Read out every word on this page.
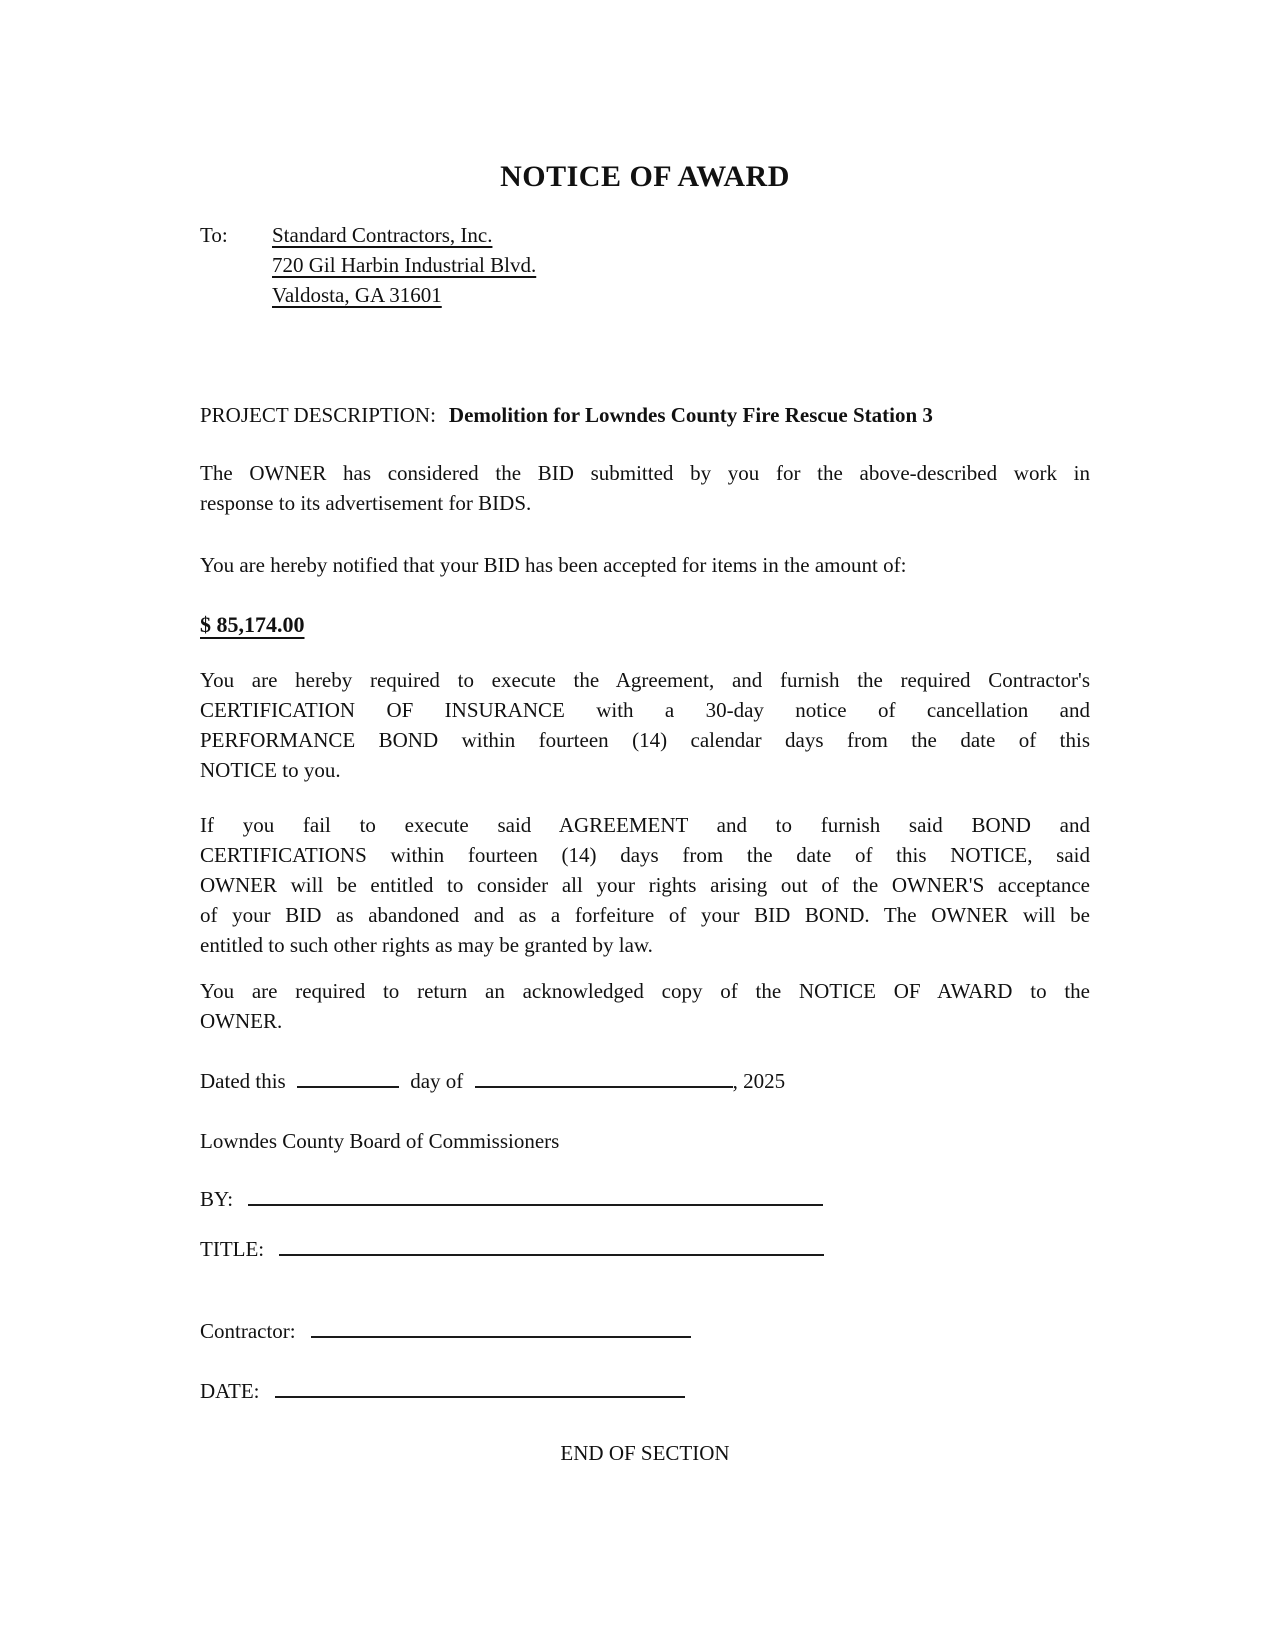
NOTICE OF AWARD
To:	Standard Contractors, Inc.
720 Gil Harbin Industrial Blvd.
Valdosta, GA 31601
PROJECT DESCRIPTION: Demolition for Lowndes County Fire Rescue Station 3
The OWNER has considered the BID submitted by you for the above-described work in
response to its advertisement for BIDS.
You are hereby notified that your BID has been accepted for items in the amount of:
$ 85,174.00
You are hereby required to execute the Agreement, and furnish the required Contractor's
CERTIFICATION OF INSURANCE with a 30-day notice of cancellation and
PERFORMANCE BOND within fourteen (14) calendar days from the date of this
NOTICE to you.
If you fail to execute said AGREEMENT and to furnish said BOND and
CERTIFICATIONS within fourteen (14) days from the date of this NOTICE, said
OWNER will be entitled to consider all your rights arising out of the OWNER'S acceptance
of your BID as abandoned and as a forfeiture of your BID BOND. The OWNER will be
entitled to such other rights as may be granted by law.
You are required to return an acknowledged copy of the NOTICE OF AWARD to the
OWNER.
Dated this	day of	, 2025
Lowndes County Board of Commissioners
BY:
TITLE:
Contractor:
DATE:
END OF SECTION
